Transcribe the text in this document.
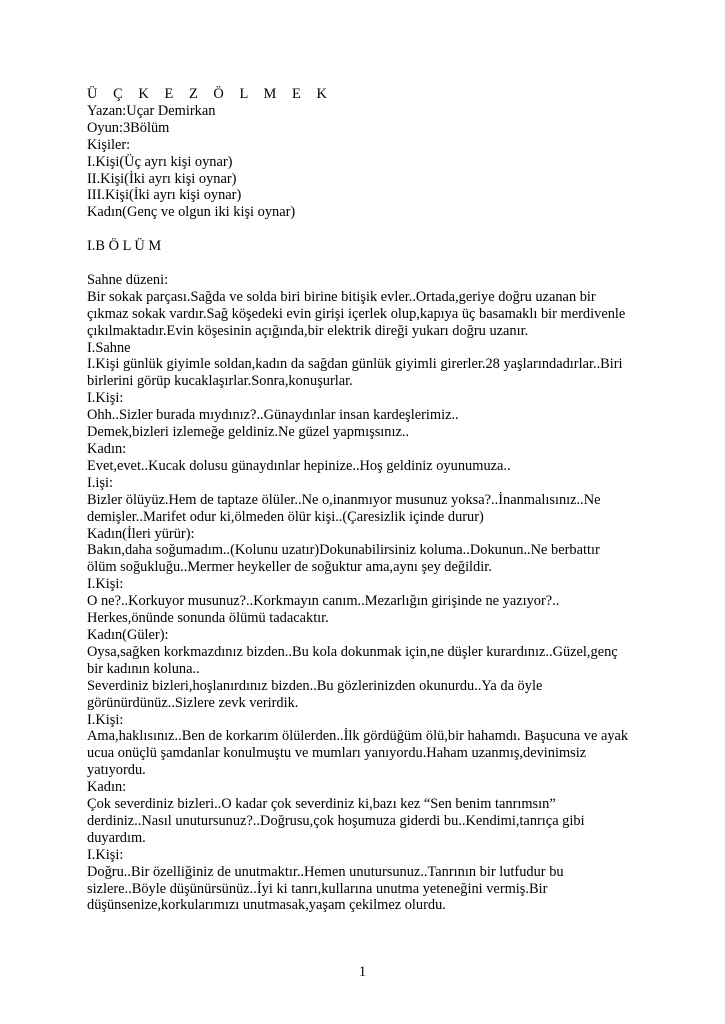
Ü Ç K E Z Ö L M E K
Yazan:Uçar Demirkan
Oyun:3Bölüm
Kişiler:
I.Kişi(Üç ayrı kişi oynar)
II.Kişi(İki ayrı kişi oynar)
III.Kişi(İki ayrı kişi oynar)
Kadın(Genç ve olgun iki kişi oynar)
I.B Ö L Ü M
Sahne düzeni:
Bir sokak parçası.Sağda ve solda biri birine bitişik evler..Ortada,geriye doğru uzanan bir
çıkmaz sokak vardır.Sağ köşedeki evin girişi içerlek olup,kapıya üç basamaklı bir merdivenle
çıkılmaktadır.Evin köşesinin açığında,bir elektrik direği yukarı doğru uzanır.
I.Sahne
I.Kişi günlük giyimle soldan,kadın da sağdan günlük giyimli girerler.28 yaşlarındadırlar..Biri
birlerini görüp kucaklaşırlar.Sonra,konuşurlar.
I.Kişi:
Ohh..Sizler burada mıydınız?..Günaydınlar insan kardeşlerimiz..
Demek,bizleri izlemeğe geldiniz.Ne güzel yapmışsınız..
Kadın:
Evet,evet..Kucak dolusu günaydınlar hepinize..Hoş geldiniz oyunumuza..
I.işi:
Bizler ölüyüz.Hem de taptaze ölüler..Ne o,inanmıyor musunuz yoksa?..İnanmalısınız..Ne
demişler..Marifet odur ki,ölmeden ölür kişi..(Çaresizlik içinde durur)
Kadın(İleri yürür):
Bakın,daha soğumadım..(Kolunu uzatır)Dokunabilirsiniz koluma..Dokunun..Ne berbattır
ölüm soğukluğu..Mermer heykeller de soğuktur ama,aynı şey değildir.
I.Kişi:
O ne?..Korkuyor musunuz?..Korkmayın canım..Mezarlığın girişinde ne yazıyor?..
Herkes,önünde sonunda ölümü tadacaktır.
Kadın(Güler):
Oysa,sağken korkmazdınız bizden..Bu kola dokunmak için,ne düşler kurardınız..Güzel,genç
bir kadının koluna..
Severdiniz bizleri,hoşlanırdınız bizden..Bu gözlerinizden okunurdu..Ya da öyle
görünürdünüz..Sizlere zevk verirdik.
I.Kişi:
Ama,haklısınız..Ben de korkarım ölülerden..İlk gördüğüm ölü,bir hahamdı. Başucuna ve ayak
ucua onüçlü şamdanlar konulmuştu ve mumları yanıyordu.Haham uzanmış,devinimsiz
yatıyordu.
Kadın:
Çok severdiniz bizleri..O kadar çok severdiniz ki,bazı kez “Sen benim tanrımsın”
derdiniz..Nasıl unutursunuz?..Doğrusu,çok hoşumuza giderdi bu..Kendimi,tanrıça gibi
duyardım.
I.Kişi:
Doğru..Bir özelliğiniz de unutmaktır..Hemen unutursunuz..Tanrının bir lutfudur bu
sizlere..Böyle düşünürsünüz..İyi ki tanrı,kullarına unutma yeteneğini vermiş.Bir
düşünsenize,korkularımızı unutmasak,yaşam çekilmez olurdu.
1
